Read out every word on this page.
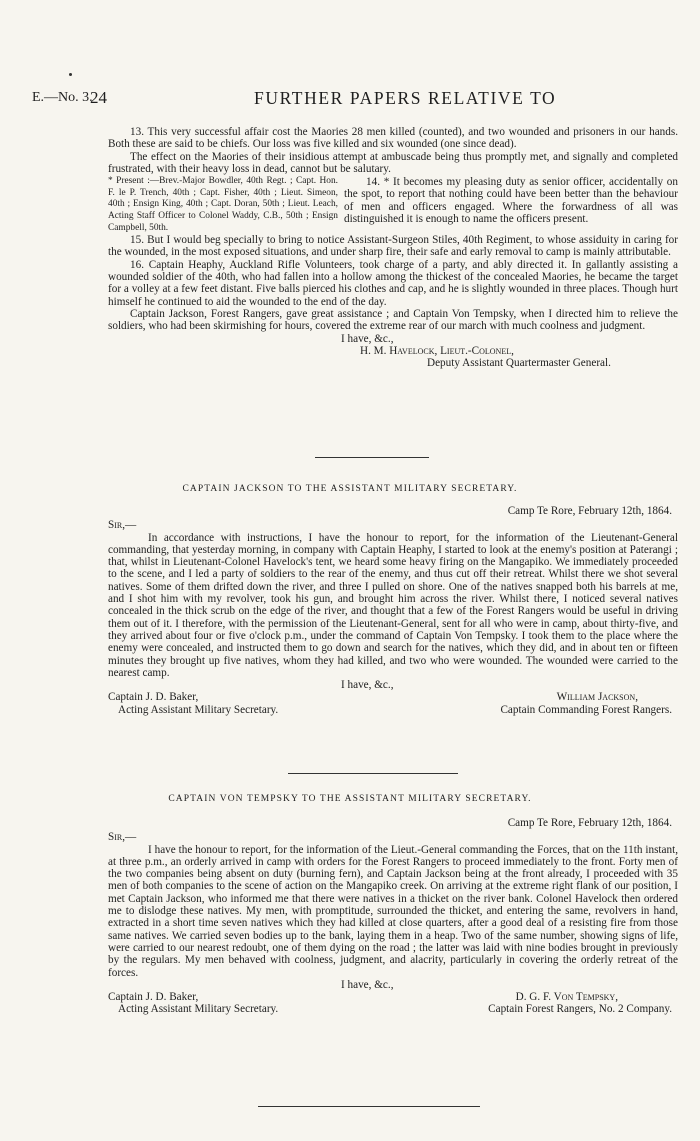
E.—No. 3.
24	FURTHER PAPERS RELATIVE TO

13. This very successful affair cost the Maories 28 men killed (counted), and two wounded and prisoners in our hands. Both these are said to be chiefs. Our loss was five killed and six wounded (one since dead).

The effect on the Maories of their insidious attempt at ambuscade being thus promptly met, and signally and completed frustrated, with their heavy loss in dead, cannot but be salutary.

* Present :—Brev.-Major Bowdler, 40th Regt. ; Capt. Hon. F. le P. Trench, 40th ; Capt. Fisher, 40th ; Lieut. Simeon, 40th ; Ensign King, 40th ; Capt. Doran, 50th ; Lieut. Leach, Acting Staff Officer to Colonel Waddy, C.B., 50th ; Ensign Campbell, 50th.
14. * It becomes my pleasing duty as senior officer, accidentally on the spot, to report that nothing could have been better than the behaviour of men and officers engaged. Where the forwardness of all was distinguished it is enough to name the officers present.

15. But I would beg specially to bring to notice Assistant-Surgeon Stiles, 40th Regiment, to whose assiduity in caring for the wounded, in the most exposed situations, and under sharp fire, their safe and early removal to camp is mainly attributable.

16. Captain Heaphy, Auckland Rifle Volunteers, took charge of a party, and ably directed it. In gallantly assisting a wounded soldier of the 40th, who had fallen into a hollow among the thickest of the concealed Maories, he became the target for a volley at a few feet distant. Five balls pierced his clothes and cap, and he is slightly wounded in three places. Though hurt himself he continued to aid the wounded to the end of the day.

Captain Jackson, Forest Rangers, gave great assistance ; and Captain Von Tempsky, when I directed him to relieve the soldiers, who had been skirmishing for hours, covered the extreme rear of our march with much coolness and judgment.

I have, &c.,
H. M. Havelock, Lieut.-Colonel,
Deputy Assistant Quartermaster General.
CAPTAIN JACKSON TO THE ASSISTANT MILITARY SECRETARY.
Camp Te Rore, February 12th, 1864.
Sir,—

In accordance with instructions, I have the honour to report, for the information of the Lieutenant-General commanding, that yesterday morning, in company with Captain Heaphy, I started to look at the enemy's position at Paterangi ; that, whilst in Lieutenant-Colonel Havelock's tent, we heard some heavy firing on the Mangapiko. We immediately proceeded to the scene, and I led a party of soldiers to the rear of the enemy, and thus cut off their retreat. Whilst there we shot several natives. Some of them drifted down the river, and three I pulled on shore. One of the natives snapped both his barrels at me, and I shot him with my revolver, took his gun, and brought him across the river. Whilst there, I noticed several natives concealed in the thick scrub on the edge of the river, and thought that a few of the Forest Rangers would be useful in driving them out of it. I therefore, with the permission of the Lieutenant-General, sent for all who were in camp, about thirty-five, and they arrived about four or five o'clock p.m., under the command of Captain Von Tempsky. I took them to the place where the enemy were concealed, and instructed them to go down and search for the natives, which they did, and in about ten or fifteen minutes they brought up five natives, whom they had killed, and two who were wounded. The wounded were carried to the nearest camp.

I have, &c.,
Captain J. D. Baker,	William Jackson,
Acting Assistant Military Secretary.	Captain Commanding Forest Rangers.
CAPTAIN VON TEMPSKY TO THE ASSISTANT MILITARY SECRETARY.
Camp Te Rore, February 12th, 1864.
Sir,—

I have the honour to report, for the information of the Lieut.-General commanding the Forces, that on the 11th instant, at three p.m., an orderly arrived in camp with orders for the Forest Rangers to proceed immediately to the front. Forty men of the two companies being absent on duty (burning fern), and Captain Jackson being at the front already, I proceeded with 35 men of both companies to the scene of action on the Mangapiko creek. On arriving at the extreme right flank of our position, I met Captain Jackson, who informed me that there were natives in a thicket on the river bank. Colonel Havelock then ordered me to dislodge these natives. My men, with promptitude, surrounded the thicket, and entering the same, revolvers in hand, extracted in a short time seven natives which they had killed at close quarters, after a good deal of a resisting fire from those same natives. We carried seven bodies up to the bank, laying them in a heap. Two of the same number, showing signs of life, were carried to our nearest redoubt, one of them dying on the road ; the latter was laid with nine bodies brought in previously by the regulars. My men behaved with coolness, judgment, and alacrity, particularly in covering the orderly retreat of the forces.

I have, &c.,
Captain J. D. Baker,	D. G. F. Von Tempsky,
Acting Assistant Military Secretary.	Captain Forest Rangers, No. 2 Company.
